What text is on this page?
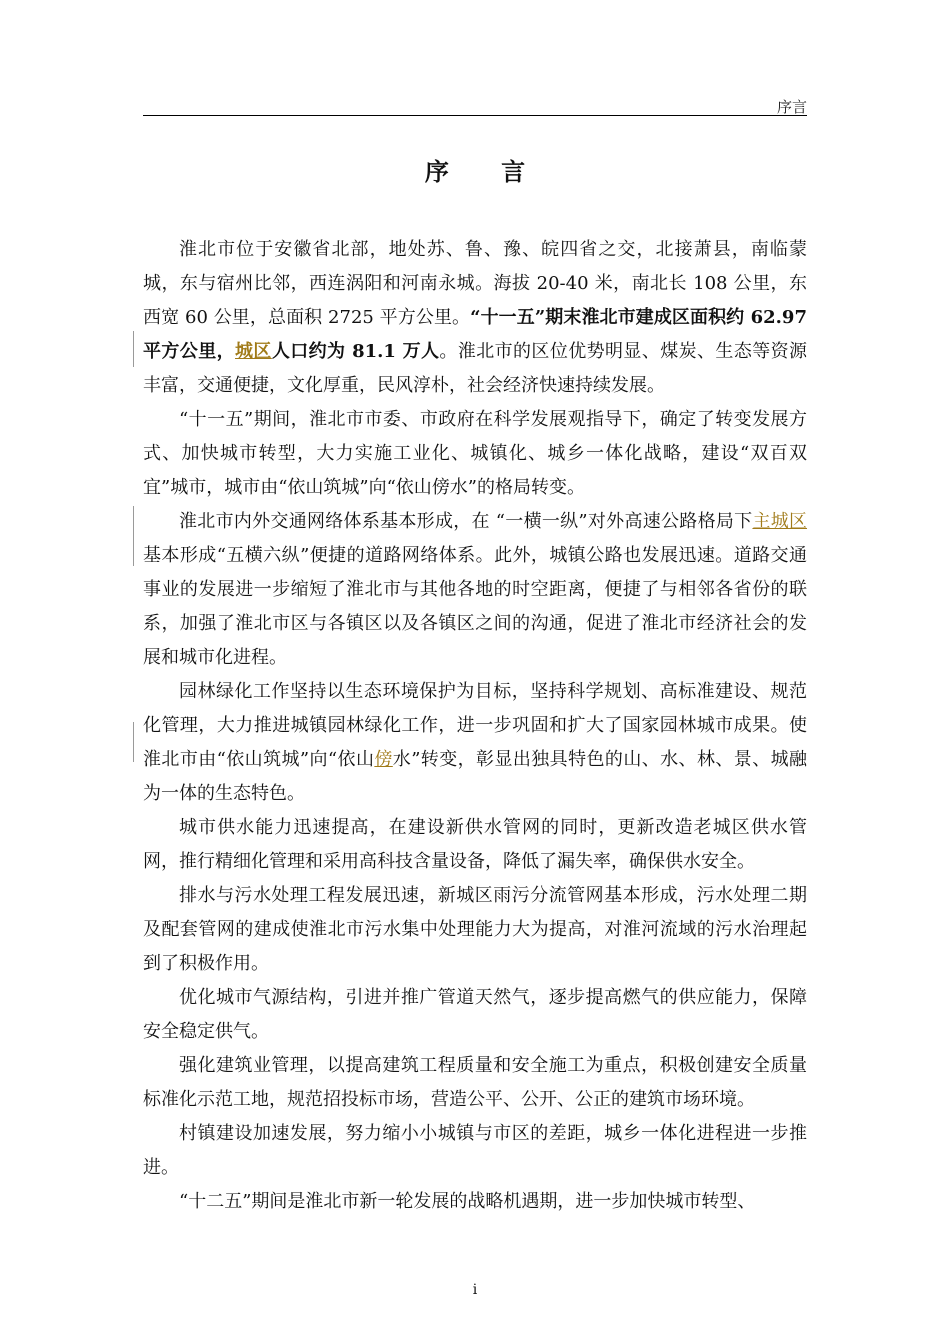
序言
序 言

淮北市位于安徽省北部，地处苏、鲁、豫、皖四省之交，北接萧县，南临蒙城，东与宿州比邻，西连涡阳和河南永城。海拔 20-40 米，南北长 108 公里，东西宽 60 公里，总面积 2725 平方公里。“十一五”期末淮北市建成区面积约 62.97 平方公里，城区人口约为 81.1 万人。淮北市的区位优势明显、煤炭、生态等资源丰富，交通便捷，文化厚重，民风淳朴，社会经济快速持续发展。

“十一五”期间，淮北市市委、市政府在科学发展观指导下，确定了转变发展方式、加快城市转型，大力实施工业化、城镇化、城乡一体化战略，建设“双百双宜”城市，城市由“依山筑城”向“依山傍水”的格局转变。

淮北市内外交通网络体系基本形成，在 “一横一纵”对外高速公路格局下主城区基本形成“五横六纵”便捷的道路网络体系。此外，城镇公路也发展迅速。道路交通事业的发展进一步缩短了淮北市与其他各地的时空距离，便捷了与相邻各省份的联系，加强了淮北市区与各镇区以及各镇区之间的沟通，促进了淮北市经济社会的发展和城市化进程。

园林绿化工作坚持以生态环境保护为目标，坚持科学规划、高标准建设、规范化管理，大力推进城镇园林绿化工作，进一步巩固和扩大了国家园林城市成果。使淮北市由“依山筑城”向“依山傍水”转变，彰显出独具特色的山、水、林、景、城融为一体的生态特色。

城市供水能力迅速提高，在建设新供水管网的同时，更新改造老城区供水管网，推行精细化管理和采用高科技含量设备，降低了漏失率，确保供水安全。

排水与污水处理工程发展迅速，新城区雨污分流管网基本形成，污水处理二期及配套管网的建成使淮北市污水集中处理能力大为提高，对淮河流域的污水治理起到了积极作用。

优化城市气源结构，引进并推广管道天然气，逐步提高燃气的供应能力，保障安全稳定供气。

强化建筑业管理，以提高建筑工程质量和安全施工为重点，积极创建安全质量标准化示范工地，规范招投标市场，营造公平、公开、公正的建筑市场环境。

村镇建设加速发展，努力缩小小城镇与市区的差距，城乡一体化进程进一步推进。

“十二五”期间是淮北市新一轮发展的战略机遇期，进一步加快城市转型、

i
